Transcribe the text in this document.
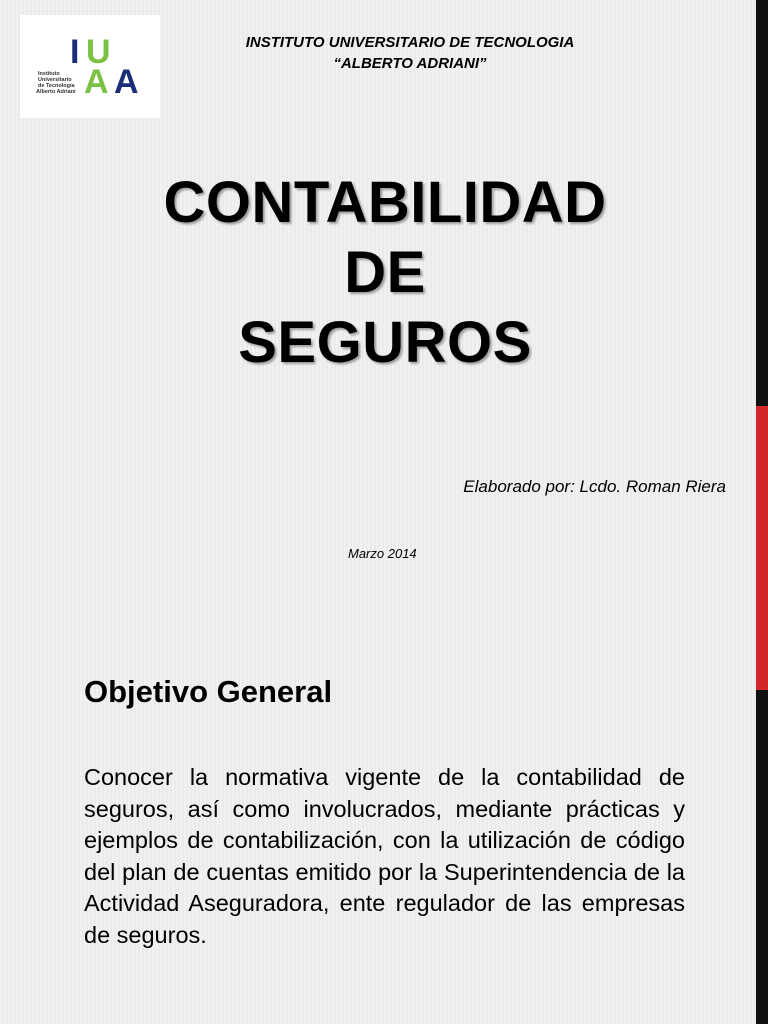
I U
A A
Instituto
Universitario
de Tecnología
Alberto Adriani

INSTITUTO UNIVERSITARIO DE TECNOLOGIA
“ALBERTO ADRIANI”

CONTABILIDAD
DE
SEGUROS

Elaborado por: Lcdo. Roman Riera

Marzo 2014

Objetivo General

Conocer la normativa vigente de la contabilidad de seguros, así como involucrados, mediante prácticas y ejemplos de contabilización, con la utilización de código del plan de cuentas emitido por la Superintendencia de la Actividad Aseguradora, ente regulador de las empresas de seguros.
